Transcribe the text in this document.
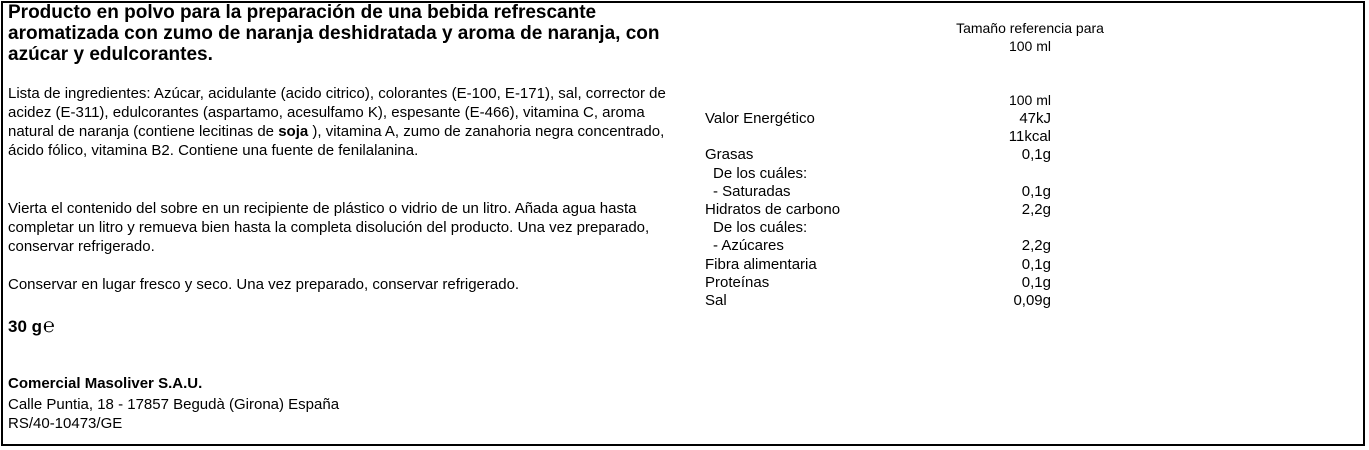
Producto en polvo para la preparación de una bebida refrescante aromatizada con zumo de naranja deshidratada y aroma de naranja, con azúcar y edulcorantes.

Lista de ingredientes: Azúcar, acidulante (acido citrico), colorantes (E-100, E-171), sal, corrector de acidez (E-311), edulcorantes (aspartamo, acesulfamo K), espesante (E-466), vitamina C, aroma natural de naranja (contiene lecitinas de soja ), vitamina A, zumo de zanahoria negra concentrado, ácido fólico, vitamina B2. Contiene una fuente de fenilalanina.

Vierta el contenido del sobre en un recipiente de plástico o vidrio de un litro. Añada agua hasta completar un litro y remueva bien hasta la completa disolución del producto. Una vez preparado, conservar refrigerado.

Conservar en lugar fresco y seco. Una vez preparado, conservar refrigerado.

30 g℮
Comercial Masoliver S.A.U.
Calle Puntia, 18 - 17857 Begudà (Girona) España
RS/40-10473/GE
Tamaño referencia para
100 ml
100 ml
Valor Energético	47kJ
11kcal
Grasas	0,1g
De los cuáles:
- Saturadas	0,1g
Hidratos de carbono	2,2g
De los cuáles:
- Azúcares	2,2g
Fibra alimentaria	0,1g
Proteínas	0,1g
Sal	0,09g
